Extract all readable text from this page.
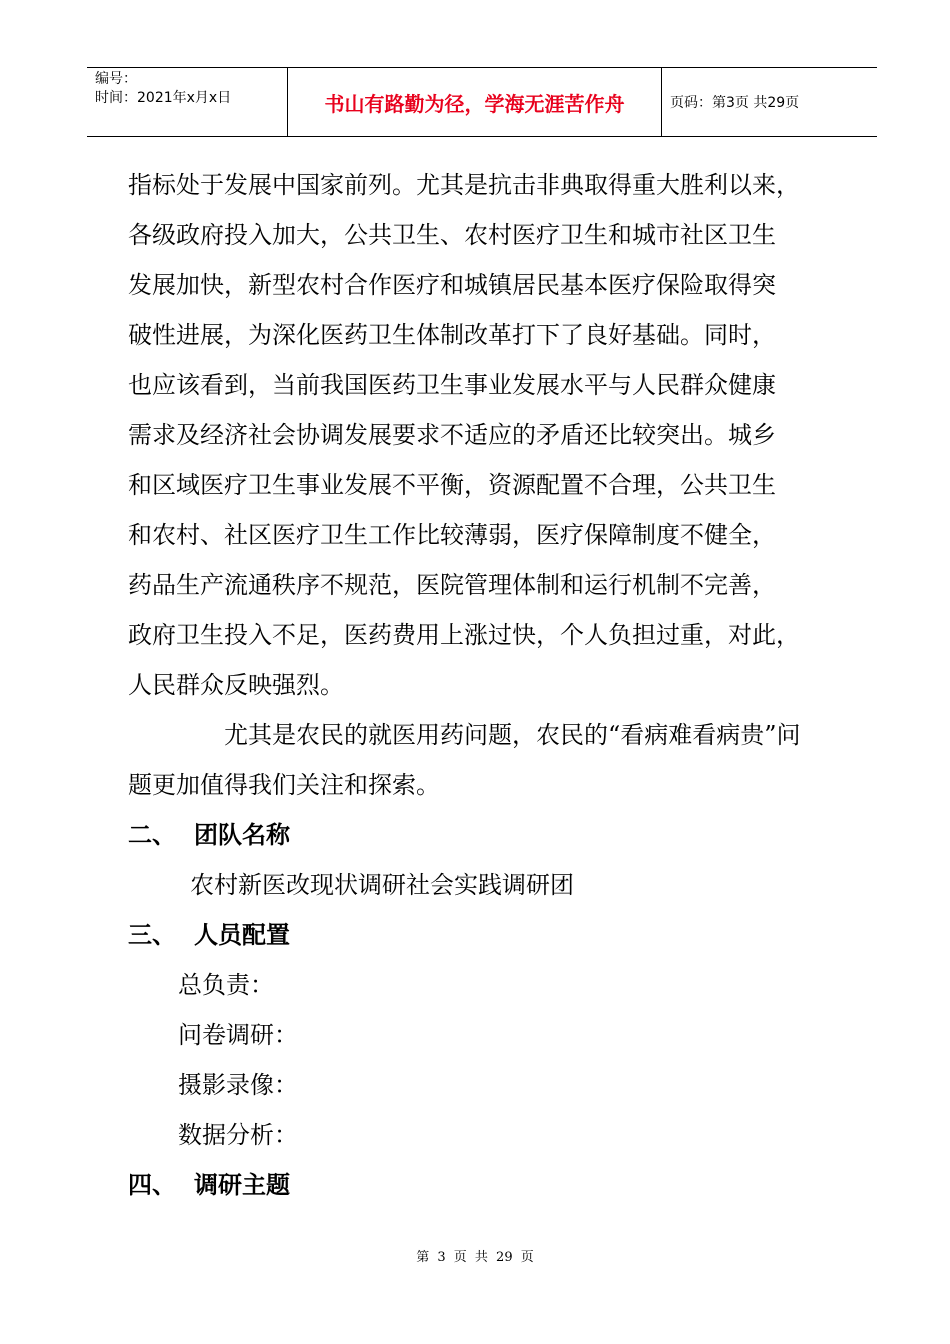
编号：
时间：2021年x月x日	书山有路勤为径，学海无涯苦作舟	页码：第3页 共29页

指标处于发展中国家前列。尤其是抗击非典取得重大胜利以来，
各级政府投入加大，公共卫生、农村医疗卫生和城市社区卫生
发展加快，新型农村合作医疗和城镇居民基本医疗保险取得突
破性进展，为深化医药卫生体制改革打下了良好基础。同时，
也应该看到，当前我国医药卫生事业发展水平与人民群众健康
需求及经济社会协调发展要求不适应的矛盾还比较突出。城乡
和区域医疗卫生事业发展不平衡，资源配置不合理，公共卫生
和农村、社区医疗卫生工作比较薄弱，医疗保障制度不健全，
药品生产流通秩序不规范，医院管理体制和运行机制不完善，
政府卫生投入不足，医药费用上涨过快，个人负担过重，对此，
人民群众反映强烈。

尤其是农民的就医用药问题，农民的“看病难看病贵”问
题更加值得我们关注和探索。

二、 团队名称

农村新医改现状调研社会实践调研团

三、 人员配置

总负责：

问卷调研：

摄影录像：

数据分析：

四、 调研主题

第 3 页 共 29 页
